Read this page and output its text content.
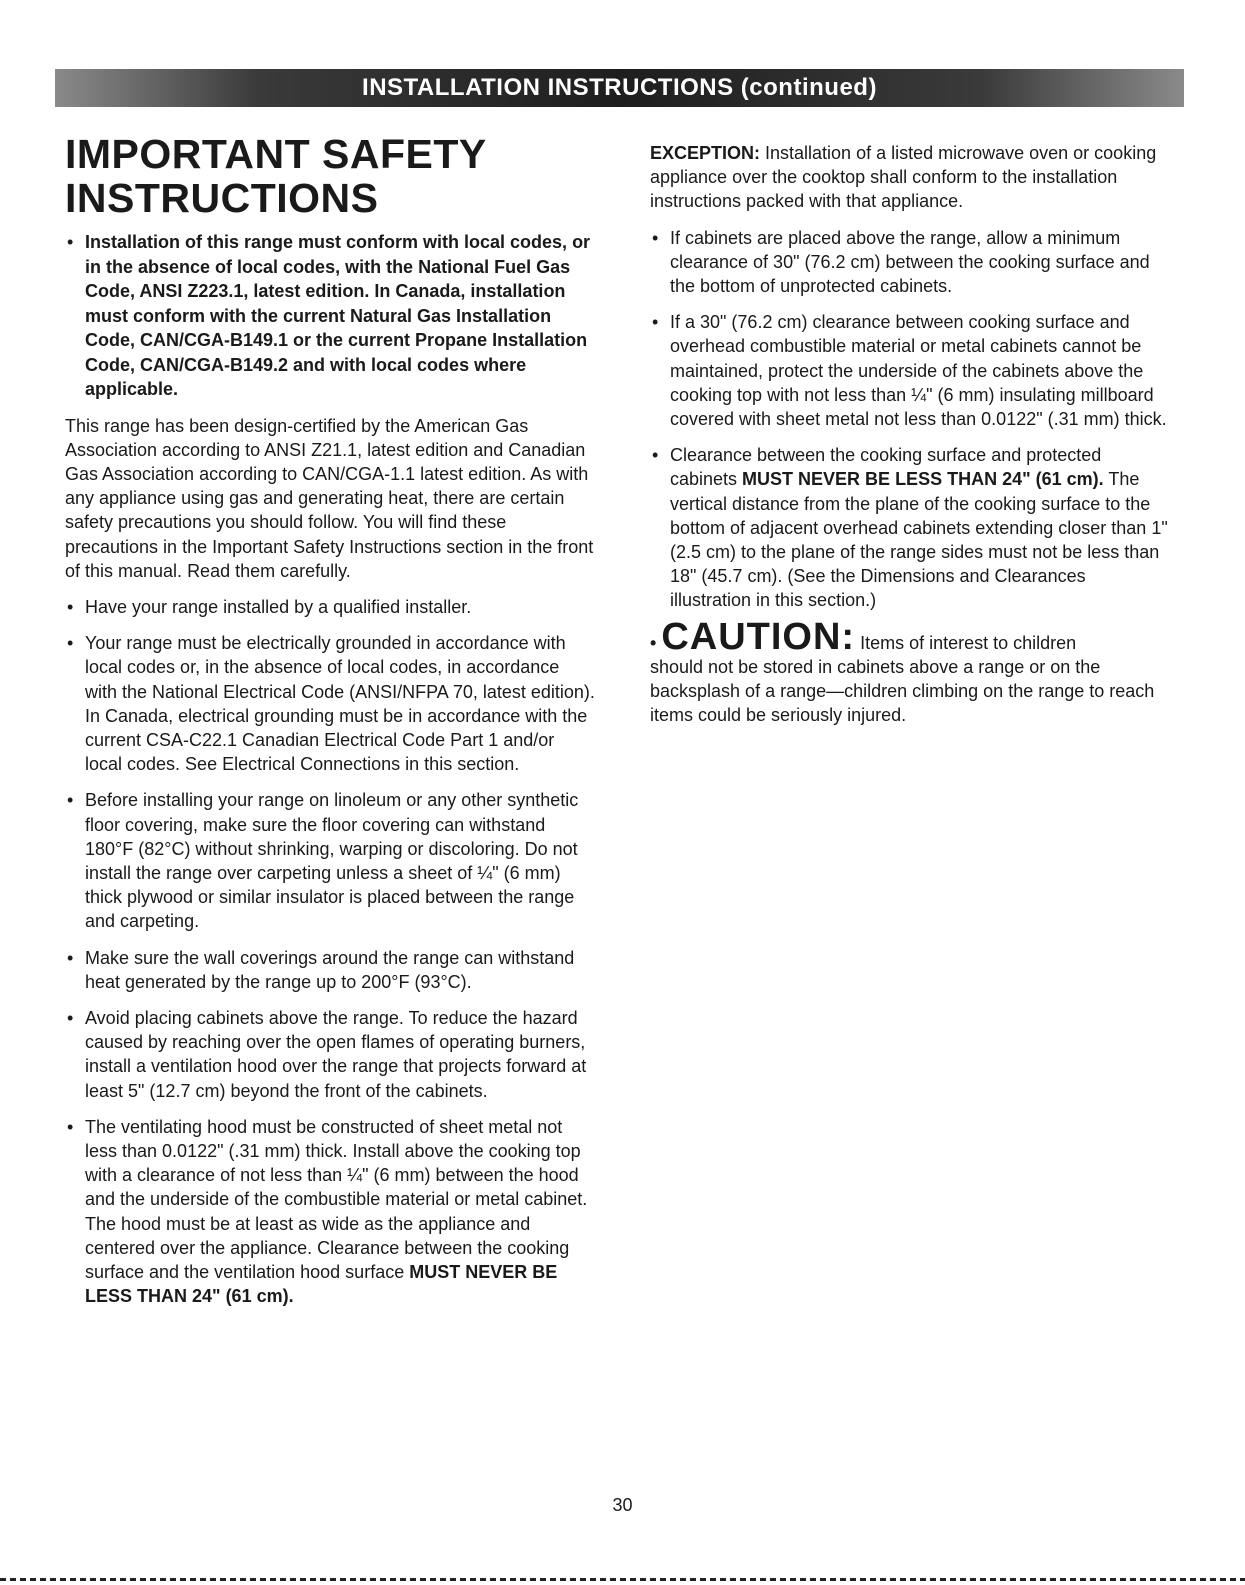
INSTALLATION INSTRUCTIONS (continued)
IMPORTANT SAFETY
INSTRUCTIONS
• Installation of this range must conform with local codes, or in the absence of local codes, with the National Fuel Gas Code, ANSI Z223.1, latest edition. In Canada, installation must conform with the current Natural Gas Installation Code, CAN/CGA-B149.1 or the current Propane Installation Code, CAN/CGA-B149.2 and with local codes where applicable.

This range has been design-certified by the American Gas Association according to ANSI Z21.1, latest edition and Canadian Gas Association according to CAN/CGA-1.1 latest edition. As with any appliance using gas and generating heat, there are certain safety precautions you should follow. You will find these precautions in the Important Safety Instructions section in the front of this manual. Read them carefully.

• Have your range installed by a qualified installer.
• Your range must be electrically grounded in accordance with local codes or, in the absence of local codes, in accordance with the National Electrical Code (ANSI/NFPA 70, latest edition). In Canada, electrical grounding must be in accordance with the current CSA-C22.1 Canadian Electrical Code Part 1 and/or local codes. See Electrical Connections in this section.
• Before installing your range on linoleum or any other synthetic floor covering, make sure the floor covering can withstand 180°F (82°C) without shrinking, warping or discoloring. Do not install the range over carpeting unless a sheet of ¼" (6 mm) thick plywood or similar insulator is placed between the range and carpeting.
• Make sure the wall coverings around the range can withstand heat generated by the range up to 200°F (93°C).
• Avoid placing cabinets above the range. To reduce the hazard caused by reaching over the open flames of operating burners, install a ventilation hood over the range that projects forward at least 5" (12.7 cm) beyond the front of the cabinets.
• The ventilating hood must be constructed of sheet metal not less than 0.0122" (.31 mm) thick. Install above the cooking top with a clearance of not less than ¼" (6 mm) between the hood and the underside of the combustible material or metal cabinet. The hood must be at least as wide as the appliance and centered over the appliance. Clearance between the cooking surface and the ventilation hood surface MUST NEVER BE LESS THAN 24" (61 cm).

EXCEPTION: Installation of a listed microwave oven or cooking appliance over the cooktop shall conform to the installation instructions packed with that appliance.

• If cabinets are placed above the range, allow a minimum clearance of 30" (76.2 cm) between the cooking surface and the bottom of unprotected cabinets.
• If a 30" (76.2 cm) clearance between cooking surface and overhead combustible material or metal cabinets cannot be maintained, protect the underside of the cabinets above the cooking top with not less than ¼" (6 mm) insulating millboard covered with sheet metal not less than 0.0122" (.31 mm) thick.
• Clearance between the cooking surface and protected cabinets MUST NEVER BE LESS THAN 24" (61 cm). The vertical distance from the plane of the cooking surface to the bottom of adjacent overhead cabinets extending closer than 1" (2.5 cm) to the plane of the range sides must not be less than 18" (45.7 cm). (See the Dimensions and Clearances illustration in this section.)
• CAUTION: Items of interest to children

should not be stored in cabinets above a range or on the backsplash of a range—children climbing on the range to reach items could be seriously injured.

30
